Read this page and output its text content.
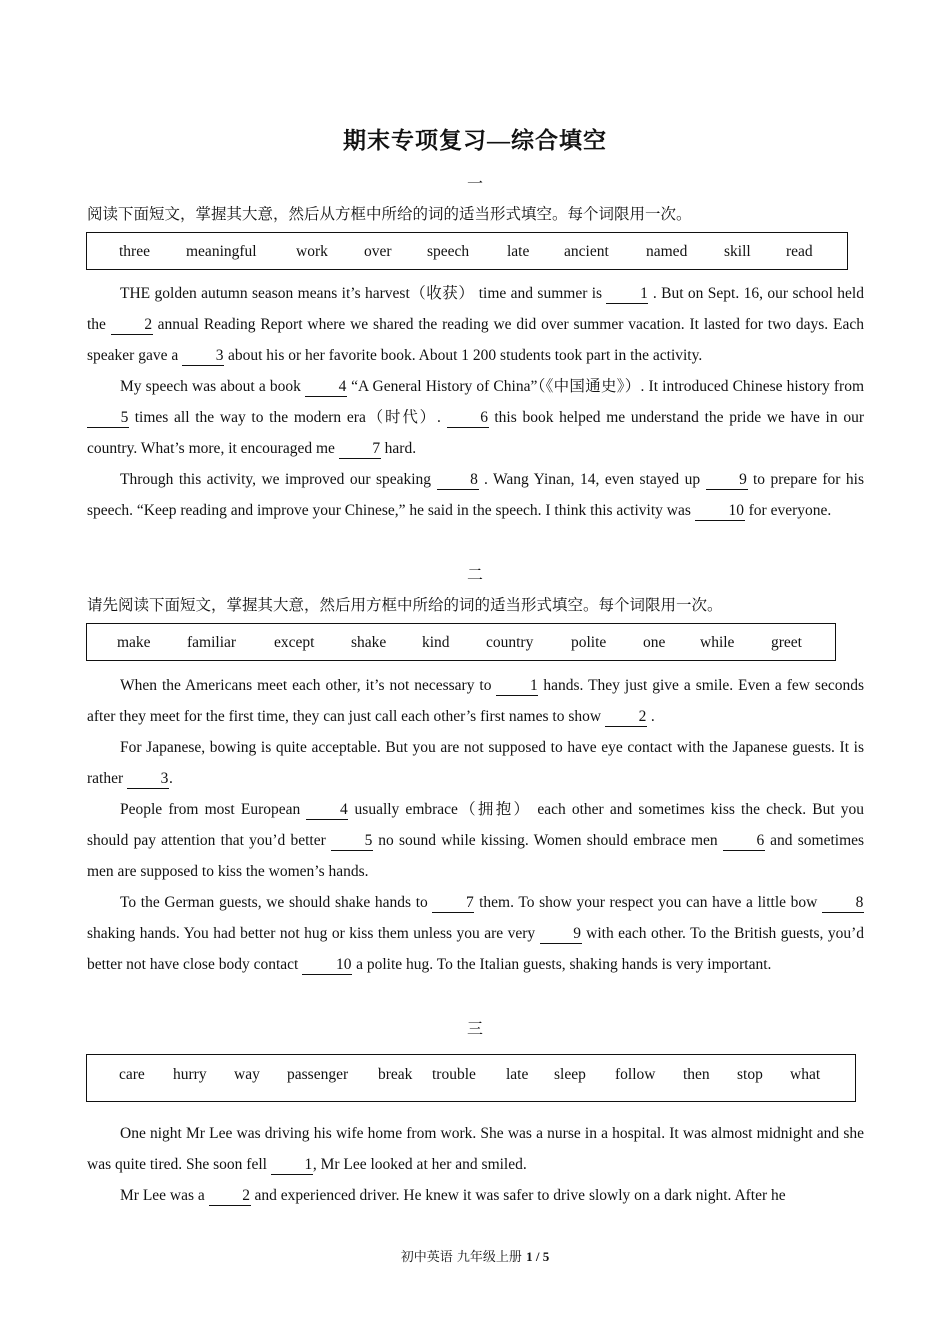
期末专项复习—综合填空
一
阅读下面短文，掌握其大意，然后从方框中所给的词的适当形式填空。每个词限用一次。
three meaningful	work over speech late ancient named skill read

THE golden autumn season means it’s harvest（收获） time and summer is 1 . But on Sept. 16, our school held the 2 annual Reading Report where we shared the reading we did over summer vacation. It lasted for two days. Each speaker gave a 3 about his or her favorite book. About 1 200 students took part in the activity.

My speech was about a book 4 “A General History of China”（《中国通史》）. It introduced Chinese history from 5 times all the way to the modern era（时代）.	6 this book helped me understand the pride we have in our country. What’s more, it encouraged me 7 hard.

Through this activity, we improved our speaking	8 . Wang Yinan, 14, even stayed up	9 to prepare for his speech. “Keep reading and improve your Chinese,” he said in the speech. I think this activity was 10 for everyone.

二
请先阅读下面短文，掌握其大意，然后用方框中所给的词的适当形式填空。每个词限用一次。
make familiar except shake kind country polite one while greet

When the Americans meet each other, it’s not necessary to 1 hands. They just give a smile. Even a few seconds after they meet for the first time, they can just call each other’s first names to show 2 .

For Japanese, bowing is quite acceptable. But you are not supposed to have eye contact with the Japanese guests. It is rather 3.

People from most European	4 usually embrace（拥抱） each other and sometimes kiss the check. But you should pay attention that you’d better	5 no sound while kissing. Women should embrace men	6 and sometimes men are supposed to kiss the women’s hands.

To the German guests, we should shake hands to 7 them. To show your respect you can have a little bow 8 shaking hands. You had better not hug or kiss them unless you are very 9 with each other. To the British guests, you’d better not have close body contact 10 a polite hug. To the Italian guests, shaking hands is very important.

三
care hurry way passenger break trouble late sleep follow then stop what

One night Mr Lee was driving his wife home from work. She was a nurse in a hospital. It was almost midnight and she was quite tired. She soon fell 1, Mr Lee looked at her and smiled.

Mr Lee was a 2 and experienced driver. He knew it was safer to drive slowly on a dark night. After he

初中英语 九年级上册 1 / 5
